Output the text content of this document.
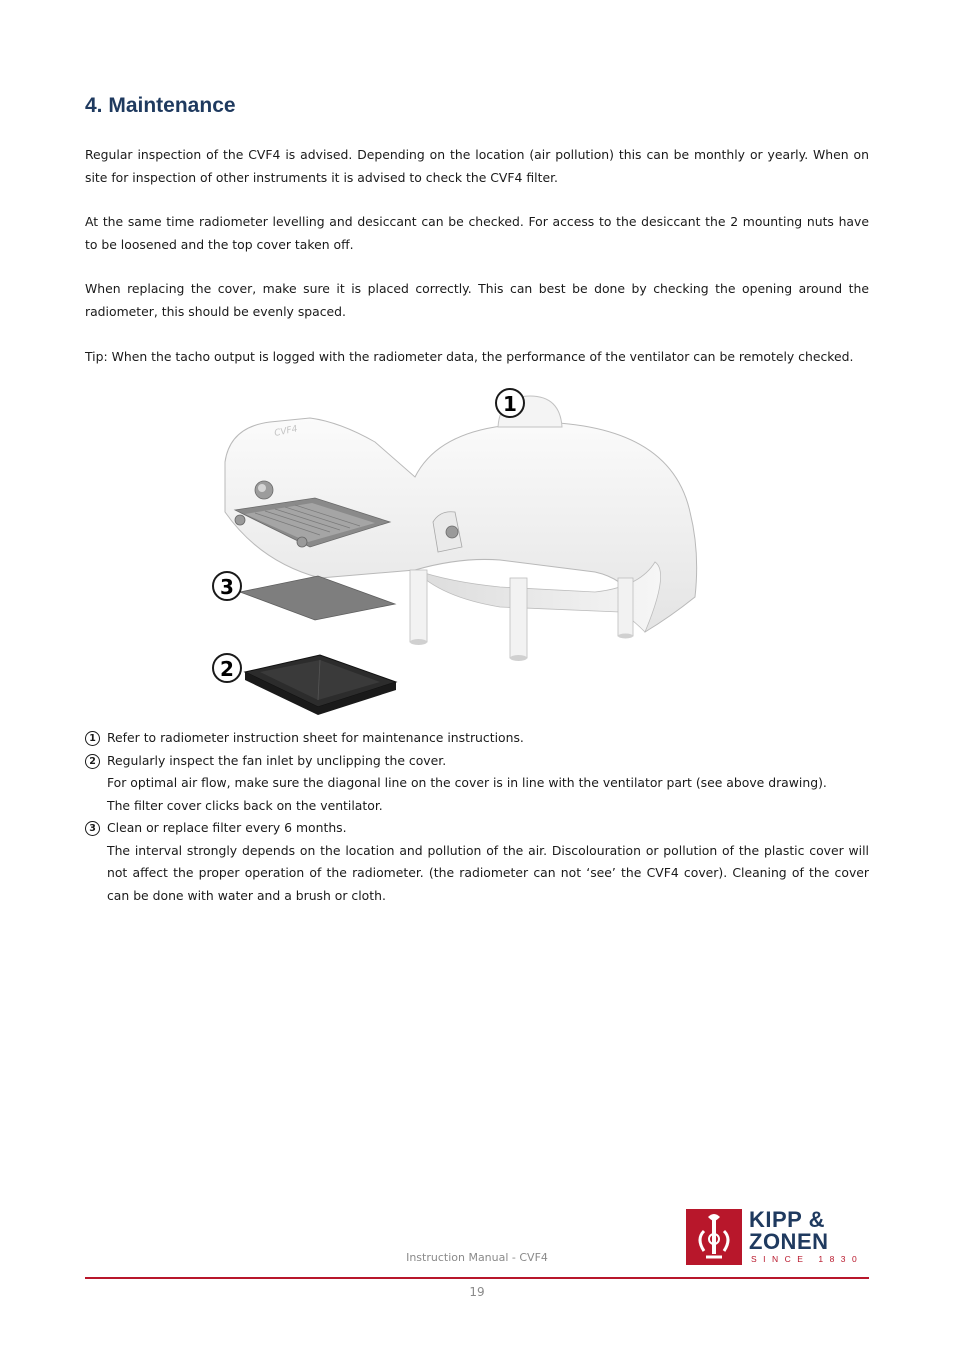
4. Maintenance

Regular inspection of the CVF4 is advised. Depending on the location (air pollution) this can be monthly or yearly. When on site for inspection of other instruments it is advised to check the CVF4 filter.

At the same time radiometer levelling and desiccant can be checked. For access to the desiccant the 2 mounting nuts have to be loosened and the top cover taken off.

When replacing the cover, make sure it is placed correctly. This can best be done by checking the opening around the radiometer, this should be evenly spaced.

Tip: When the tacho output is logged with the radiometer data, the performance of the ventilator can be remotely checked.

CVF4
1
3
2
1 Refer to radiometer instruction sheet for maintenance instructions.

2 Regularly inspect the fan inlet by unclipping the cover.

For optimal air flow, make sure the diagonal line on the cover is in line with the ventilator part (see above drawing).

The filter cover clicks back on the ventilator.

3 Clean or replace filter every 6 months.

The interval strongly depends on the location and pollution of the air. Discolouration or pollution of the plastic cover will not affect the proper operation of the radiometer. (the radiometer can not ‘see’ the CVF4 cover). Cleaning of the cover can be done with water and a brush or cloth.

KIPP &
ZONEN
SINCE 1830
Instruction Manual - CVF4
19
